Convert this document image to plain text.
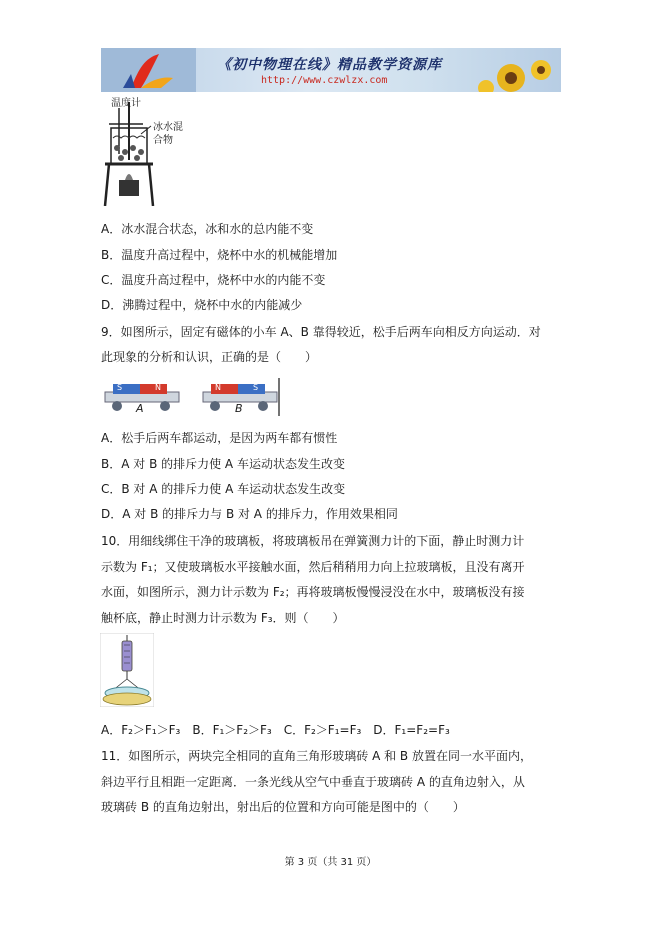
《初中物理在线》精品教学资源库
http://www.czwlzx.com
温度计
冰水混
合物
A．冰水混合状态，冰和水的总内能不变
B．温度升高过程中，烧杯中水的机械能增加
C．温度升高过程中，烧杯中水的内能不变
D．沸腾过程中，烧杯中水的内能减少
9．如图所示，固定有磁体的小车 A、B 靠得较近，松手后两车向相反方向运动．对
此现象的分析和认识，正确的是（　　）
S	N
A
N	S
B
A．松手后两车都运动，是因为两车都有惯性
B．A 对 B 的排斥力使 A 车运动状态发生改变
C．B 对 A 的排斥力使 A 车运动状态发生改变
D．A 对 B 的排斥力与 B 对 A 的排斥力，作用效果相同
10．用细线绑住干净的玻璃板，将玻璃板吊在弹簧测力计的下面，静止时测力计
示数为 F₁；又使玻璃板水平接触水面，然后稍稍用力向上拉玻璃板，且没有离开
水面，如图所示，测力计示数为 F₂；再将玻璃板慢慢浸没在水中，玻璃板没有接
触杯底，静止时测力计示数为 F₃．则（　　）
A．F₂＞F₁＞F₃　B．F₁＞F₂＞F₃　C．F₂＞F₁=F₃　D．F₁=F₂=F₃
11．如图所示，两块完全相同的直角三角形玻璃砖 A 和 B 放置在同一水平面内，
斜边平行且相距一定距离．一条光线从空气中垂直于玻璃砖 A 的直角边射入，从
玻璃砖 B 的直角边射出，射出后的位置和方向可能是图中的（　　）
第 3 页（共 31 页）
